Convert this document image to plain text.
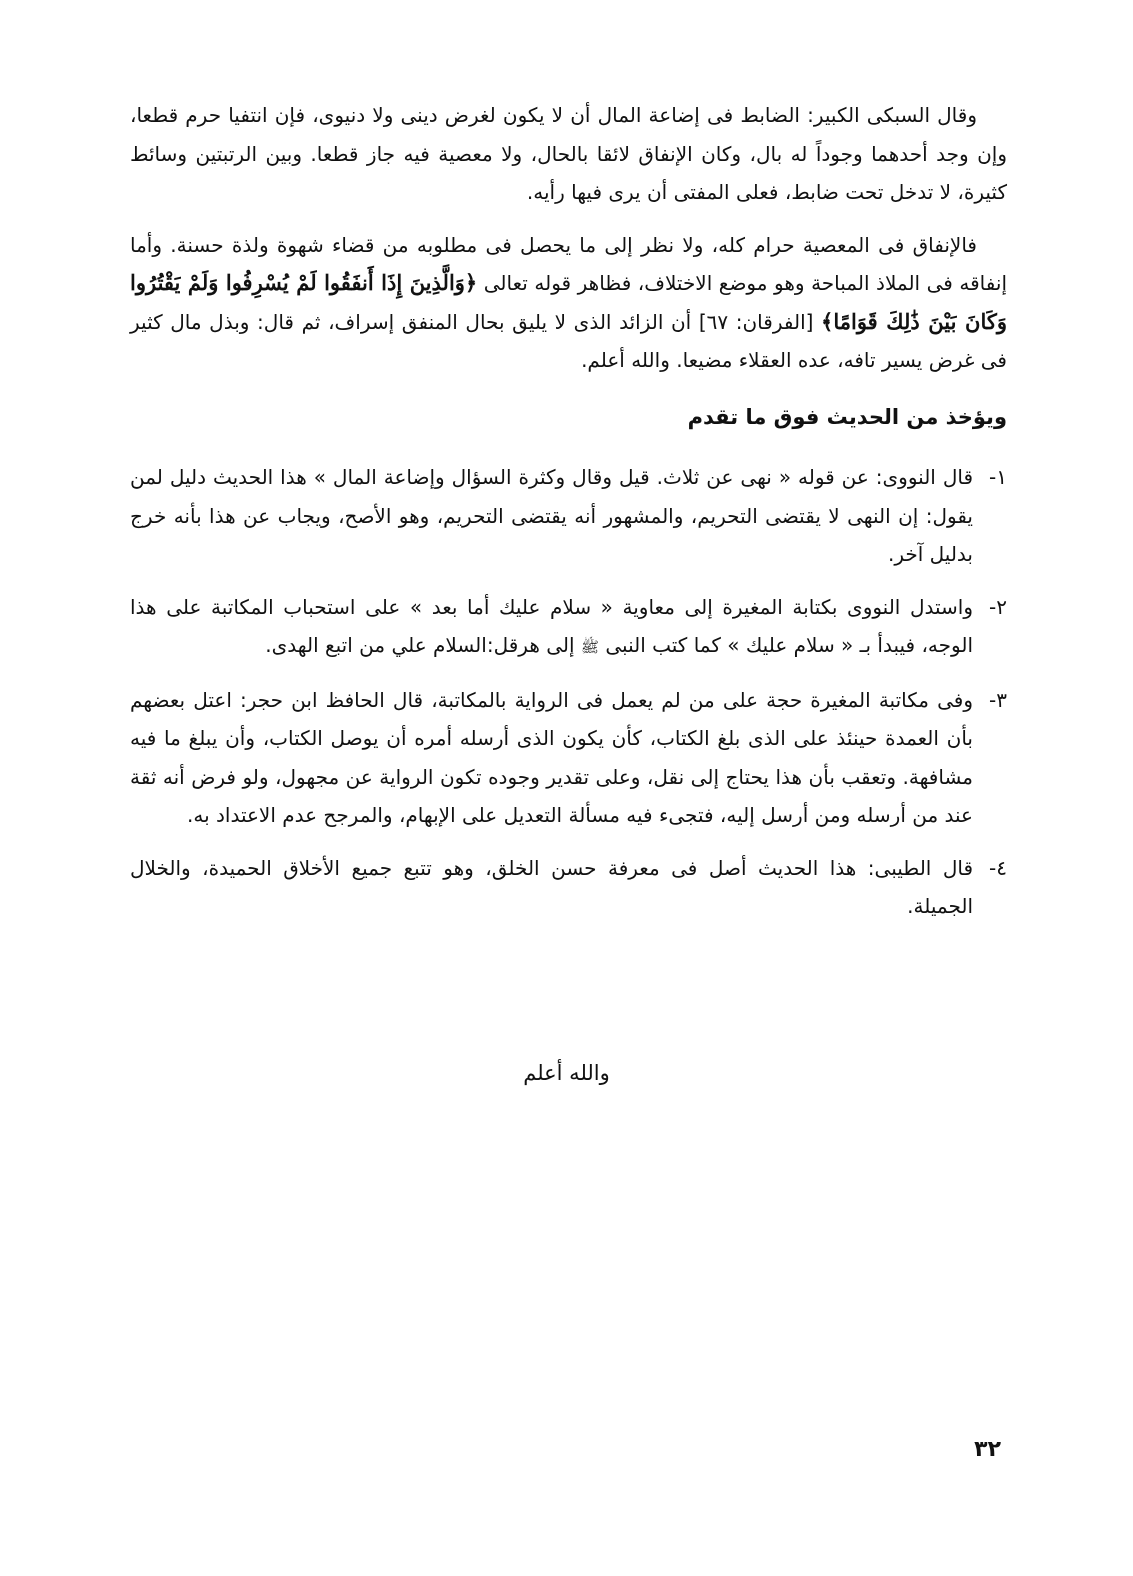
وقال السبكى الكبير: الضابط فى إضاعة المال أن لا يكون لغرض دينى ولا دنيوى، فإن انتفيا حرم قطعا، وإن وجد أحدهما وجوداً له بال، وكان الإنفاق لائقا بالحال، ولا معصية فيه جاز قطعا. وبين الرتبتين وسائط كثيرة، لا تدخل تحت ضابط، فعلى المفتى أن يرى فيها رأيه.

فالإنفاق فى المعصية حرام كله، ولا نظر إلى ما يحصل فى مطلوبه من قضاء شهوة ولذة حسنة. وأما إنفاقه فى الملاذ المباحة وهو موضع الاختلاف، فظاهر قوله تعالى ﴿وَالَّذِينَ إِذَا أَنفَقُوا لَمْ يُسْرِفُوا وَلَمْ يَقْتُرُوا وَكَانَ بَيْنَ ذَٰلِكَ قَوَامًا﴾ [الفرقان: ٦٧] أن الزائد الذى لا يليق بحال المنفق إسراف، ثم قال: وبذل مال كثير فى غرض يسير تافه، عده العقلاء مضيعا. والله أعلم.

ويؤخذ من الحديث فوق ما تقدم

١-
قال النووى: عن قوله « نهى عن ثلاث. قيل وقال وكثرة السؤال وإضاعة المال » هذا الحديث دليل لمن يقول: إن النهى لا يقتضى التحريم، والمشهور أنه يقتضى التحريم، وهو الأصح، ويجاب عن هذا بأنه خرج بدليل آخر.
٢-
واستدل النووى بكتابة المغيرة إلى معاوية « سلام عليك أما بعد » على استحباب المكاتبة على هذا الوجه، فيبدأ بـ « سلام عليك » كما كتب النبى ﷺ إلى هرقل:السلام علي من اتبع الهدى.
٣-
وفى مكاتبة المغيرة حجة على من لم يعمل فى الرواية بالمكاتبة، قال الحافظ ابن حجر: اعتل بعضهم بأن العمدة حينئذ على الذى بلغ الكتاب، كأن يكون الذى أرسله أمره أن يوصل الكتاب، وأن يبلغ ما فيه مشافهة. وتعقب بأن هذا يحتاج إلى نقل، وعلى تقدير وجوده تكون الرواية عن مجهول، ولو فرض أنه ثقة عند من أرسله ومن أرسل إليه، فتجىء فيه مسألة التعديل على الإبهام، والمرجح عدم الاعتداد به.
٤-
قال الطيبى: هذا الحديث أصل فى معرفة حسن الخلق، وهو تتبع جميع الأخلاق الحميدة، والخلال الجميلة.
والله أعلم
٣٢
